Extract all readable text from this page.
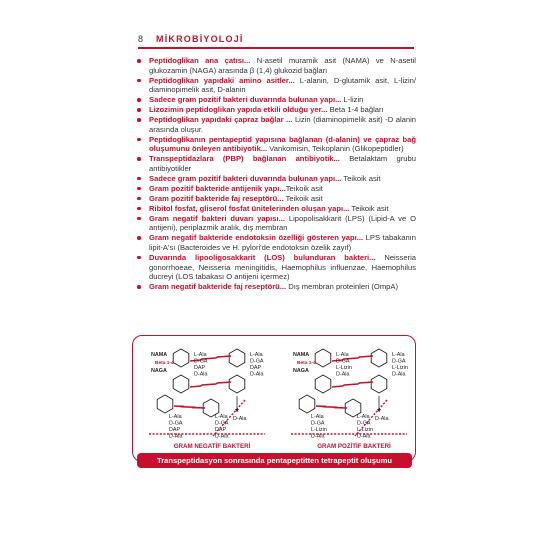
8	MİKROBİYOLOJİ
Peptidoglikan ana çatısı... N-asetil muramik asit (NAMA) ve N-asetil glukozamin (NAGA) arasında β (1,4) glukozid bağları
Peptidoglikan yapıdaki amino asitler... L-alanin, D-glutamik asit, L-lizin/ diaminopimelik asit, D-alanin
Sadece gram pozitif bakteri duvarında bulunan yapı... L-lizin
Lizozimin peptidoglikan yapıda etkili olduğu yer... Beta 1-4 bağları
Peptidoglikan yapıdaki çapraz bağlar ... Lizin (diaminopimelik asit) -D alanin arasında oluşur.
Peptidoglikanın pentapeptid yapısına bağlanan (d-alanin) ve çapraz bağ oluşumunu önleyen antibiyotik... Vankomisin, Teikoplanin (Glikopeptidler)
Transpeptidazlara (PBP) bağlanan antibiyotik... Betalaktam grubu antibiyotikler
Sadece gram pozitif bakteri duvarında bulunan yapı... Teikoik asit
Gram pozitif bakteride antijenik yapı...Teikoik asit
Gram pozitif bakteride faj reseptörü... Teikoik asit
Ribitol fosfat, gliserol fosfat ünitelerinden oluşan yapı... Teikoik asit
Gram negatif bakteri duvarı yapısı... Lipopolisakkarit (LPS) (Lipid-A ve O antijeni), periplazmik aralık, dış membran
Gram negatif bakteride endotoksin özelliği gösteren yapı... LPS tabakanın lipit-A'sı (Bacteroides ve H. pylori'de endotoksin özelik zayıf)
Duvarında lipooligosakkarit (LOS) bulunduran bakteri... Neisseria gonorrhoeae, Neisseria meningitidis, Haemophilus influenzae, Haemophilus ducreyi (LOS tabakası O antijeni içermez)
Gram negatif bakteride faj reseptörü... Dış membran proteinleri (OmpA)
NAMA
NAGA
Beta 1-4
L-Ala
D-GA
DAP
D-Ala
L-Ala
D-GA
DAP
D-Ala
L-Ala
D-GA
DAP
D-Ala
L-Ala
D-GA
DAP
D-Ala
D-Ala
GRAM NEGATİF BAKTERİ
NAMA
NAGA
Beta 1-4
L-Ala
D-GA
L-Lizin
D-Ala
L-Ala
D-GA
L-Lizin
D-Ala
L-Ala
D-GA
L-Lizin
D-Ala
L-Ala
D-GA
L-Lizin
D-Ala
D-Ala
GRAM POZİTİF BAKTERİ
Transpeptidasyon sonrasında pentapeptitten tetrapeptit oluşumu
